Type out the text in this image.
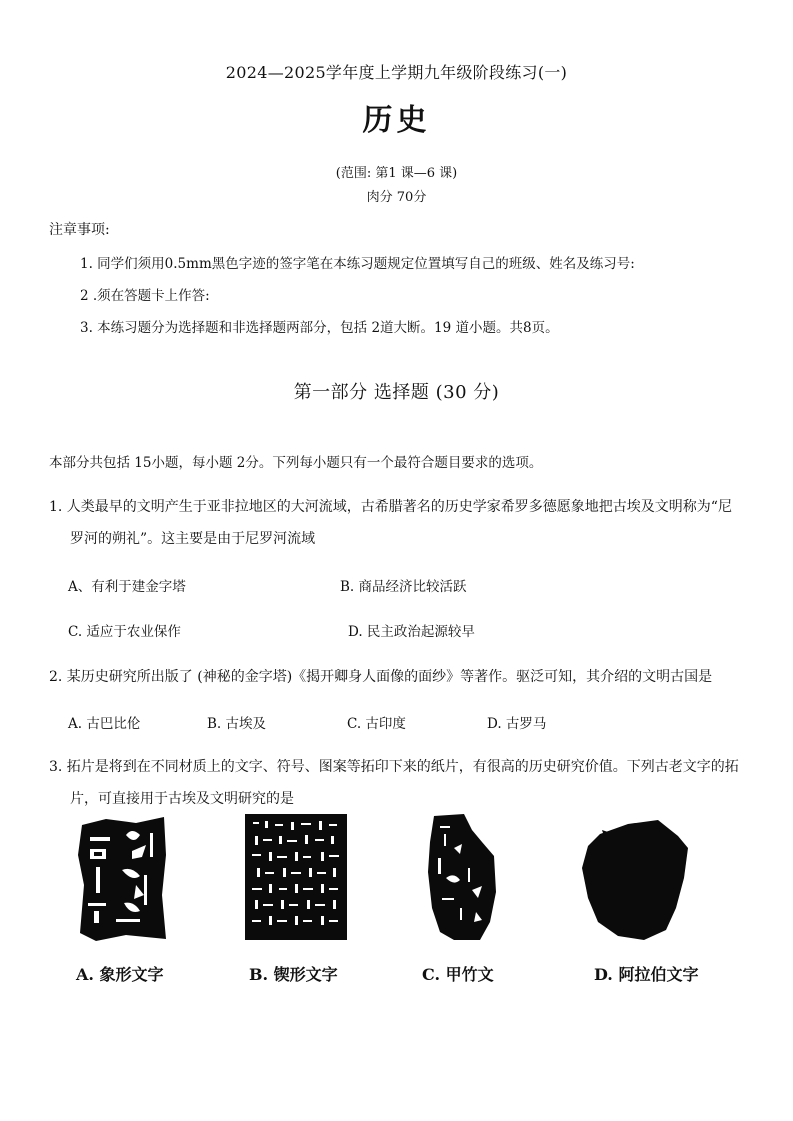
2024—2025学年度上学期九年级阶段练习(一)
历史
(范围: 第1 课—6 课)
肉分 70分
注章事项:
1. 同学们须用0.5mm黑色字迹的签字笔在本练习题规定位置填写自己的班级、姓名及练习号:
2 .须在答题卡上作答:
3. 本练习题分为选择题和非选择题两部分，包括 2道大断。19 道小题。共8页。
第一部分 选择题 (30 分)
本部分共包括 15小题，每小题 2分。下列每小题只有一个最符合题目要求的选项。
1. 人类最早的文明产生于亚非拉地区的大河流域，古希腊著名的历史学家希罗多德愿象地把古埃及文明称为“尼
罗河的朔礼”。这主要是由于尼罗河流域
A、有利于建金字塔	B. 商品经济比较活跃
C. 适应于农业保作	D. 民主政治起源较早
2. 某历史研究所出版了 (神秘的金字塔)《揭开卿身人面像的面纱》等著作。驱泛可知，其介绍的文明古国是
A. 古巴比伦	B. 古埃及	C. 古印度	D. 古罗马
3. 拓片是将到在不同材质上的文字、符号、图案等拓印下来的纸片，有很高的历史研究价值。下列古老文字的拓
片，可直接用于古埃及文明研究的是
A. 象形文字	B. 锲形文字	C. 甲竹文	D. 阿拉伯文字
